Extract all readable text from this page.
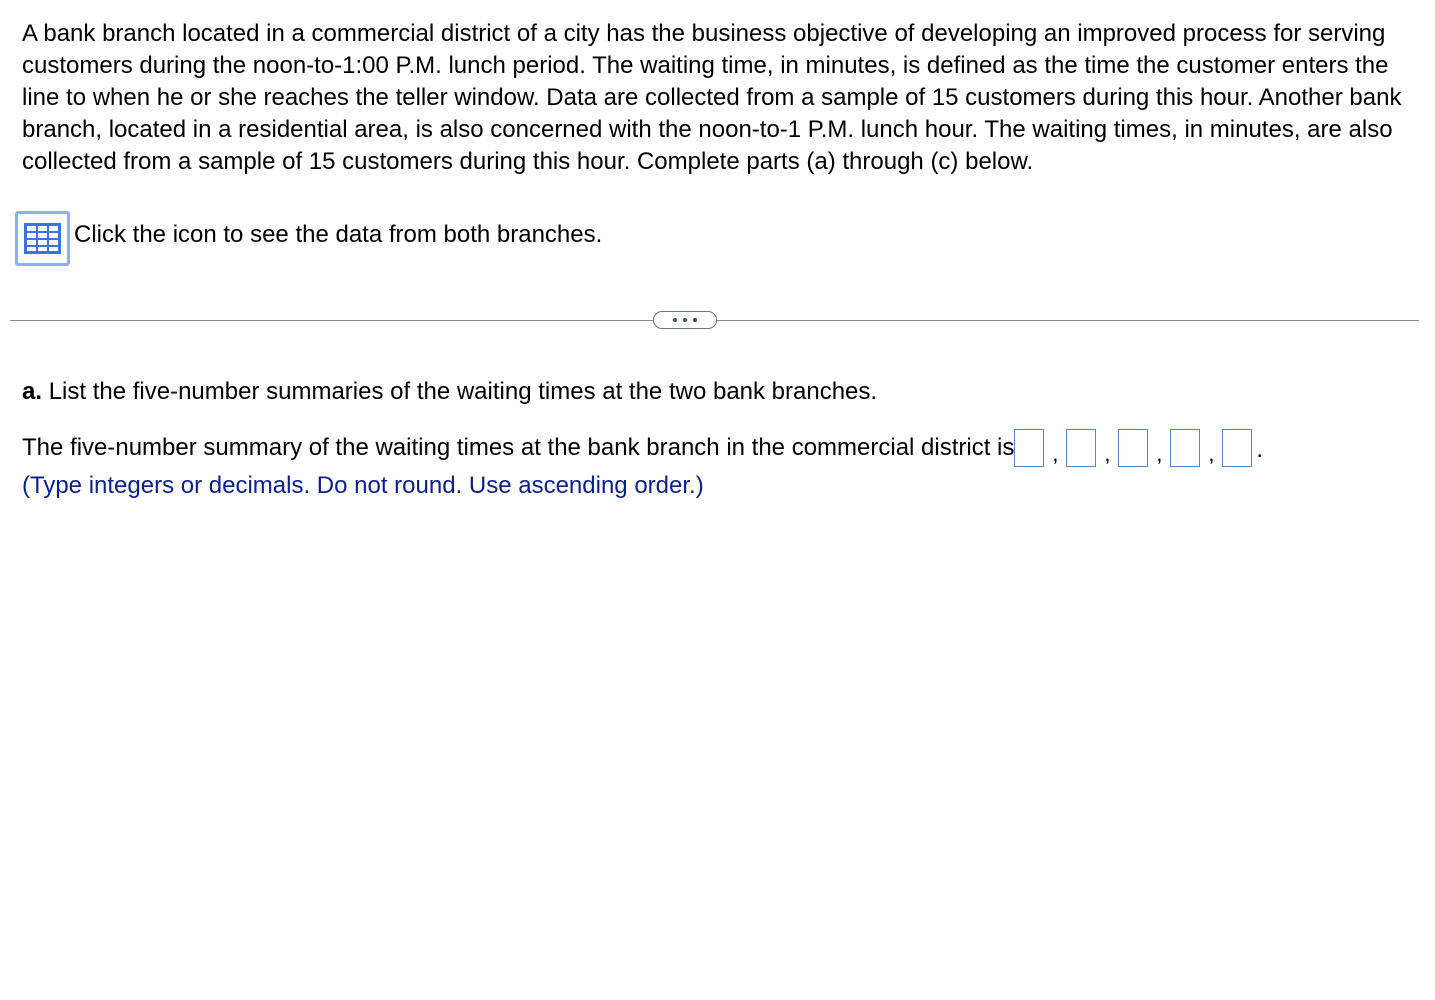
A bank branch located in a commercial district of a city has the business objective of developing an improved process for serving customers during the noon-to-1:00 P.M. lunch period. The waiting time, in minutes, is defined as the time the customer enters the line to when he or she reaches the teller window. Data are collected from a sample of 15 customers during this hour. Another bank branch, located in a residential area, is also concerned with the noon-to-1 P.M. lunch hour. The waiting times, in minutes, are also collected from a sample of 15 customers during this hour. Complete parts (a) through (c) below.

Click the icon to see the data from both branches.

a. List the five-number summaries of the waiting times at the two bank branches.

The five-number summary of the waiting times at the bank branch in the commercial district is	,	,	,	,	.

(Type integers or decimals. Do not round. Use ascending order.)
